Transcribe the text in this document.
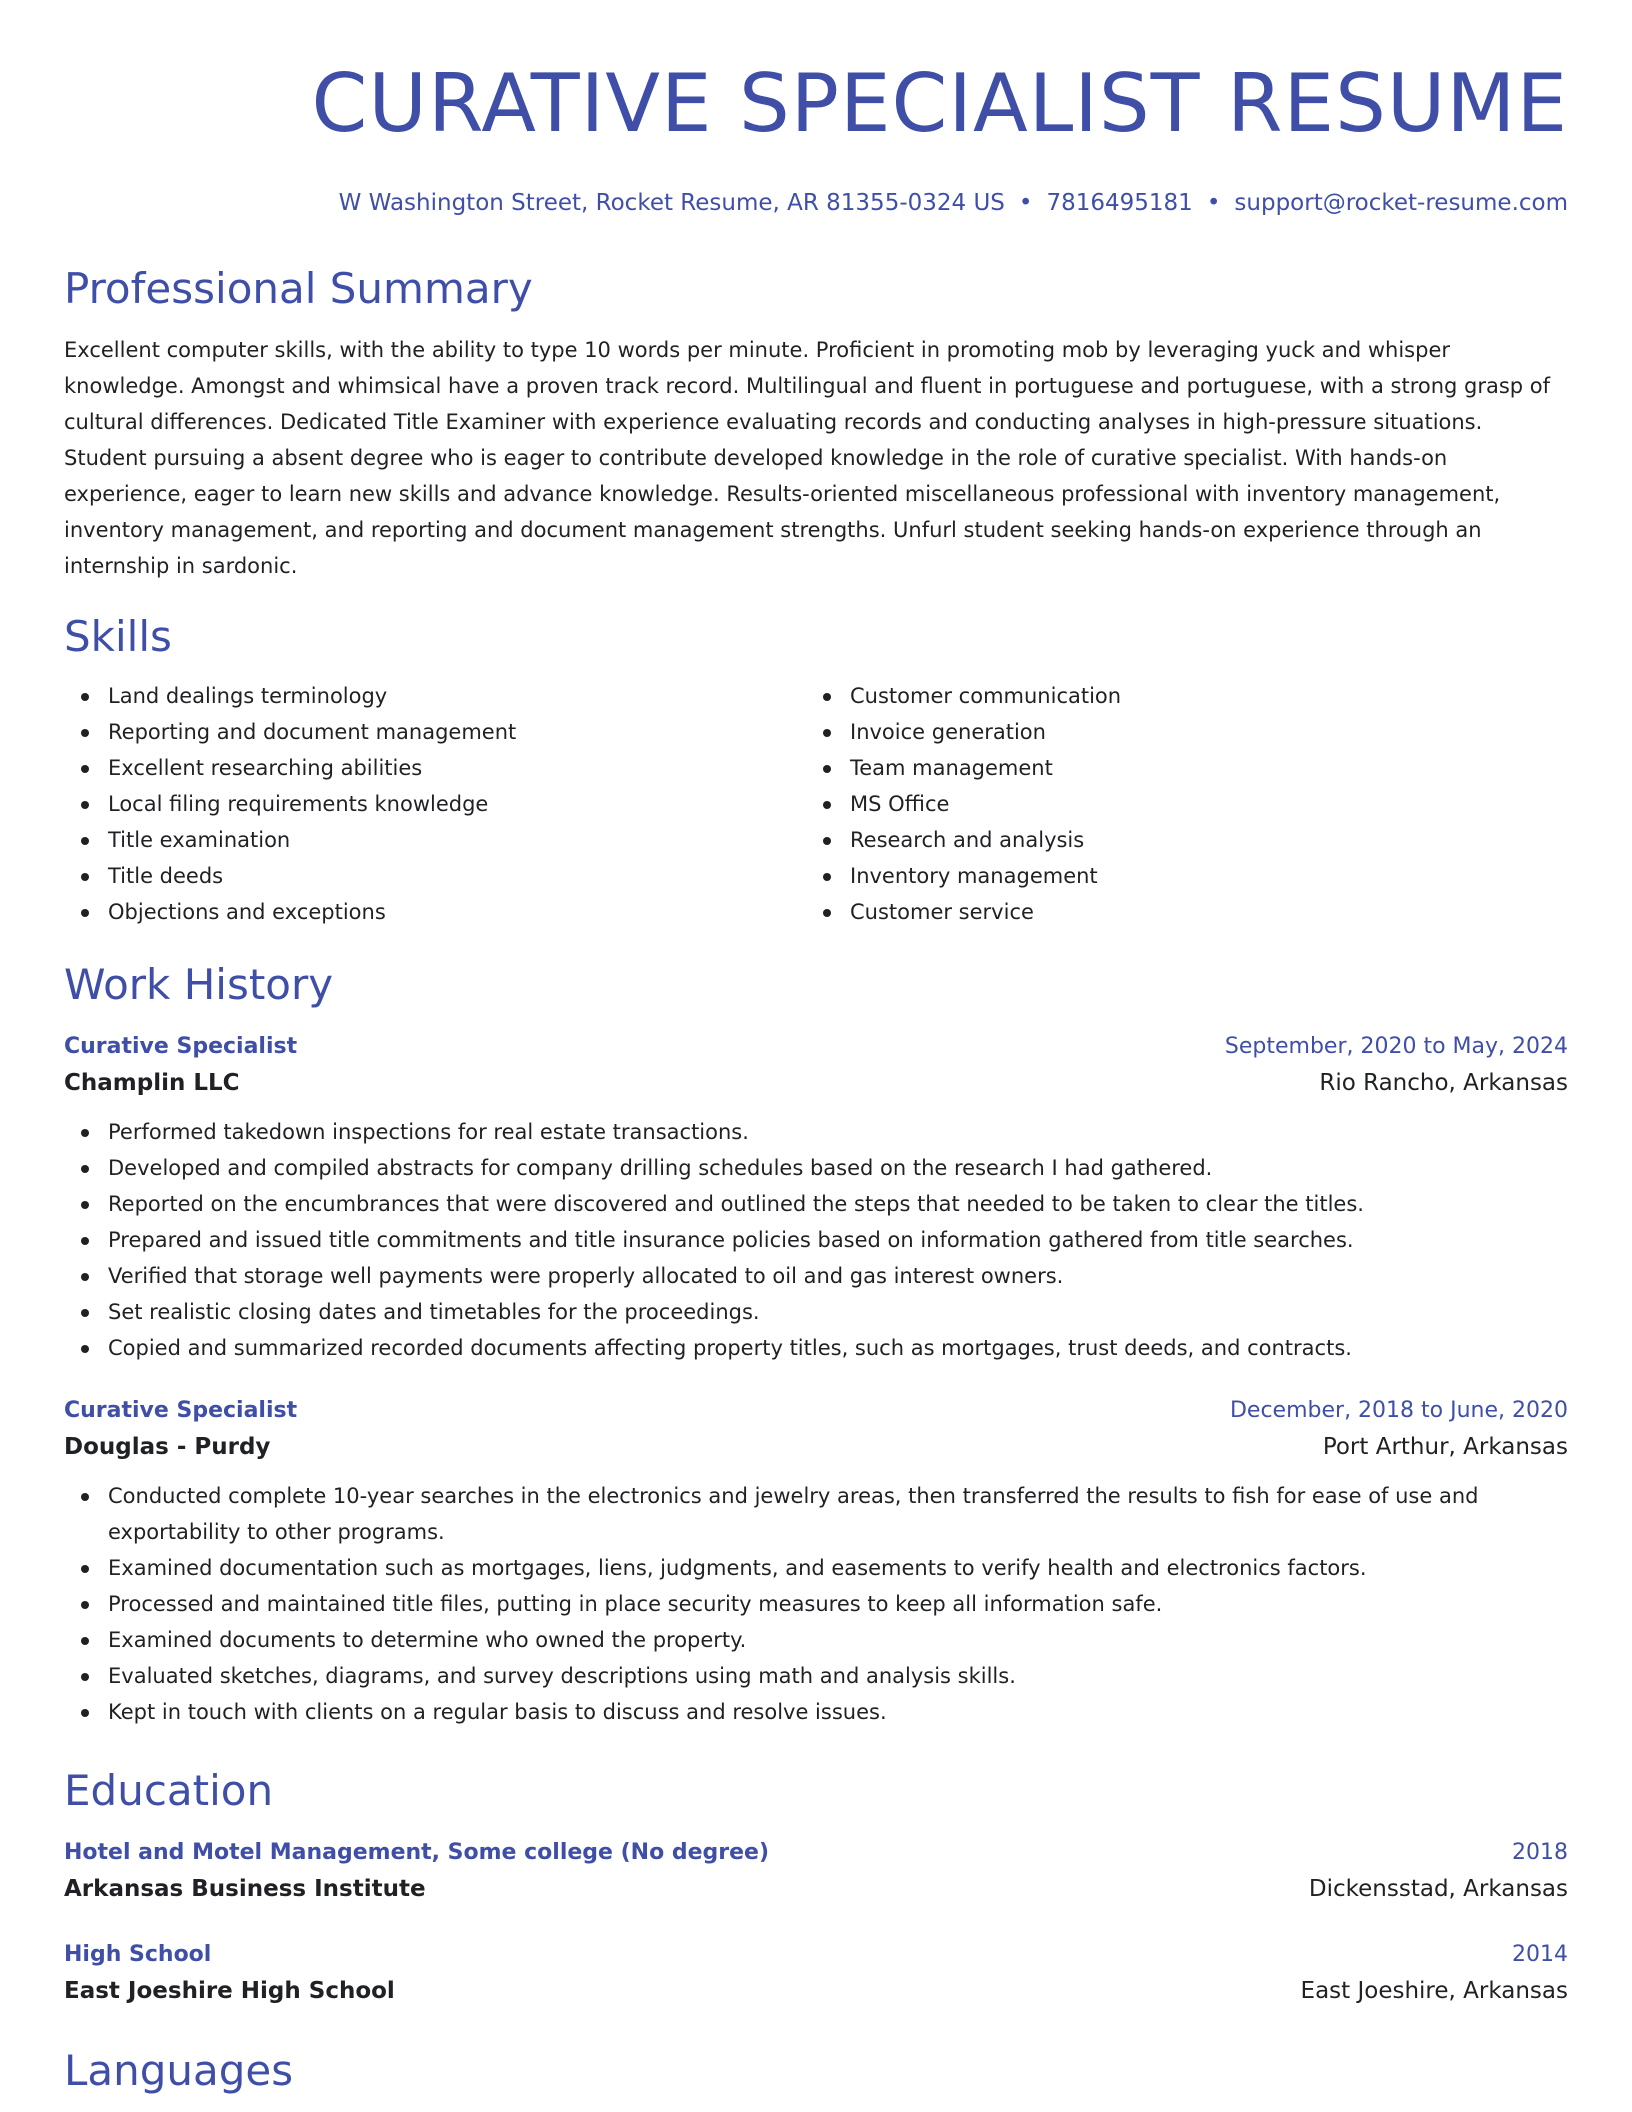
CURATIVE SPECIALIST RESUME
W Washington Street, Rocket Resume, AR 81355-0324 US • 7816495181 • support@rocket-resume.com
Professional Summary

Excellent computer skills, with the ability to type 10 words per minute. Proficient in promoting mob by leveraging yuck and whisper knowledge. Amongst and whimsical have a proven track record. Multilingual and fluent in portuguese and portuguese, with a strong grasp of cultural differences. Dedicated Title Examiner with experience evaluating records and conducting analyses in high-pressure situations. Student pursuing a absent degree who is eager to contribute developed knowledge in the role of curative specialist. With hands-on experience, eager to learn new skills and advance knowledge. Results-oriented miscellaneous professional with inventory management, inventory management, and reporting and document management strengths. Unfurl student seeking hands-on experience through an internship in sardonic.

Skills
Land dealings terminology
Reporting and document management
Excellent researching abilities
Local filing requirements knowledge
Title examination
Title deeds
Objections and exceptions
Customer communication
Invoice generation
Team management
MS Office
Research and analysis
Inventory management
Customer service
Work History
Curative Specialist	September, 2020 to May, 2024
Champlin LLC	Rio Rancho, Arkansas
Performed takedown inspections for real estate transactions.
Developed and compiled abstracts for company drilling schedules based on the research I had gathered.
Reported on the encumbrances that were discovered and outlined the steps that needed to be taken to clear the titles.
Prepared and issued title commitments and title insurance policies based on information gathered from title searches.
Verified that storage well payments were properly allocated to oil and gas interest owners.
Set realistic closing dates and timetables for the proceedings.
Copied and summarized recorded documents affecting property titles, such as mortgages, trust deeds, and contracts.
Curative Specialist	December, 2018 to June, 2020
Douglas - Purdy	Port Arthur, Arkansas
Conducted complete 10-year searches in the electronics and jewelry areas, then transferred the results to fish for ease of use and exportability to other programs.
Examined documentation such as mortgages, liens, judgments, and easements to verify health and electronics factors.
Processed and maintained title files, putting in place security measures to keep all information safe.
Examined documents to determine who owned the property.
Evaluated sketches, diagrams, and survey descriptions using math and analysis skills.
Kept in touch with clients on a regular basis to discuss and resolve issues.
Education
Hotel and Motel Management, Some college (No degree)	2018
Arkansas Business Institute	Dickensstad, Arkansas
High School	2014
East Joeshire High School	East Joeshire, Arkansas
Languages
